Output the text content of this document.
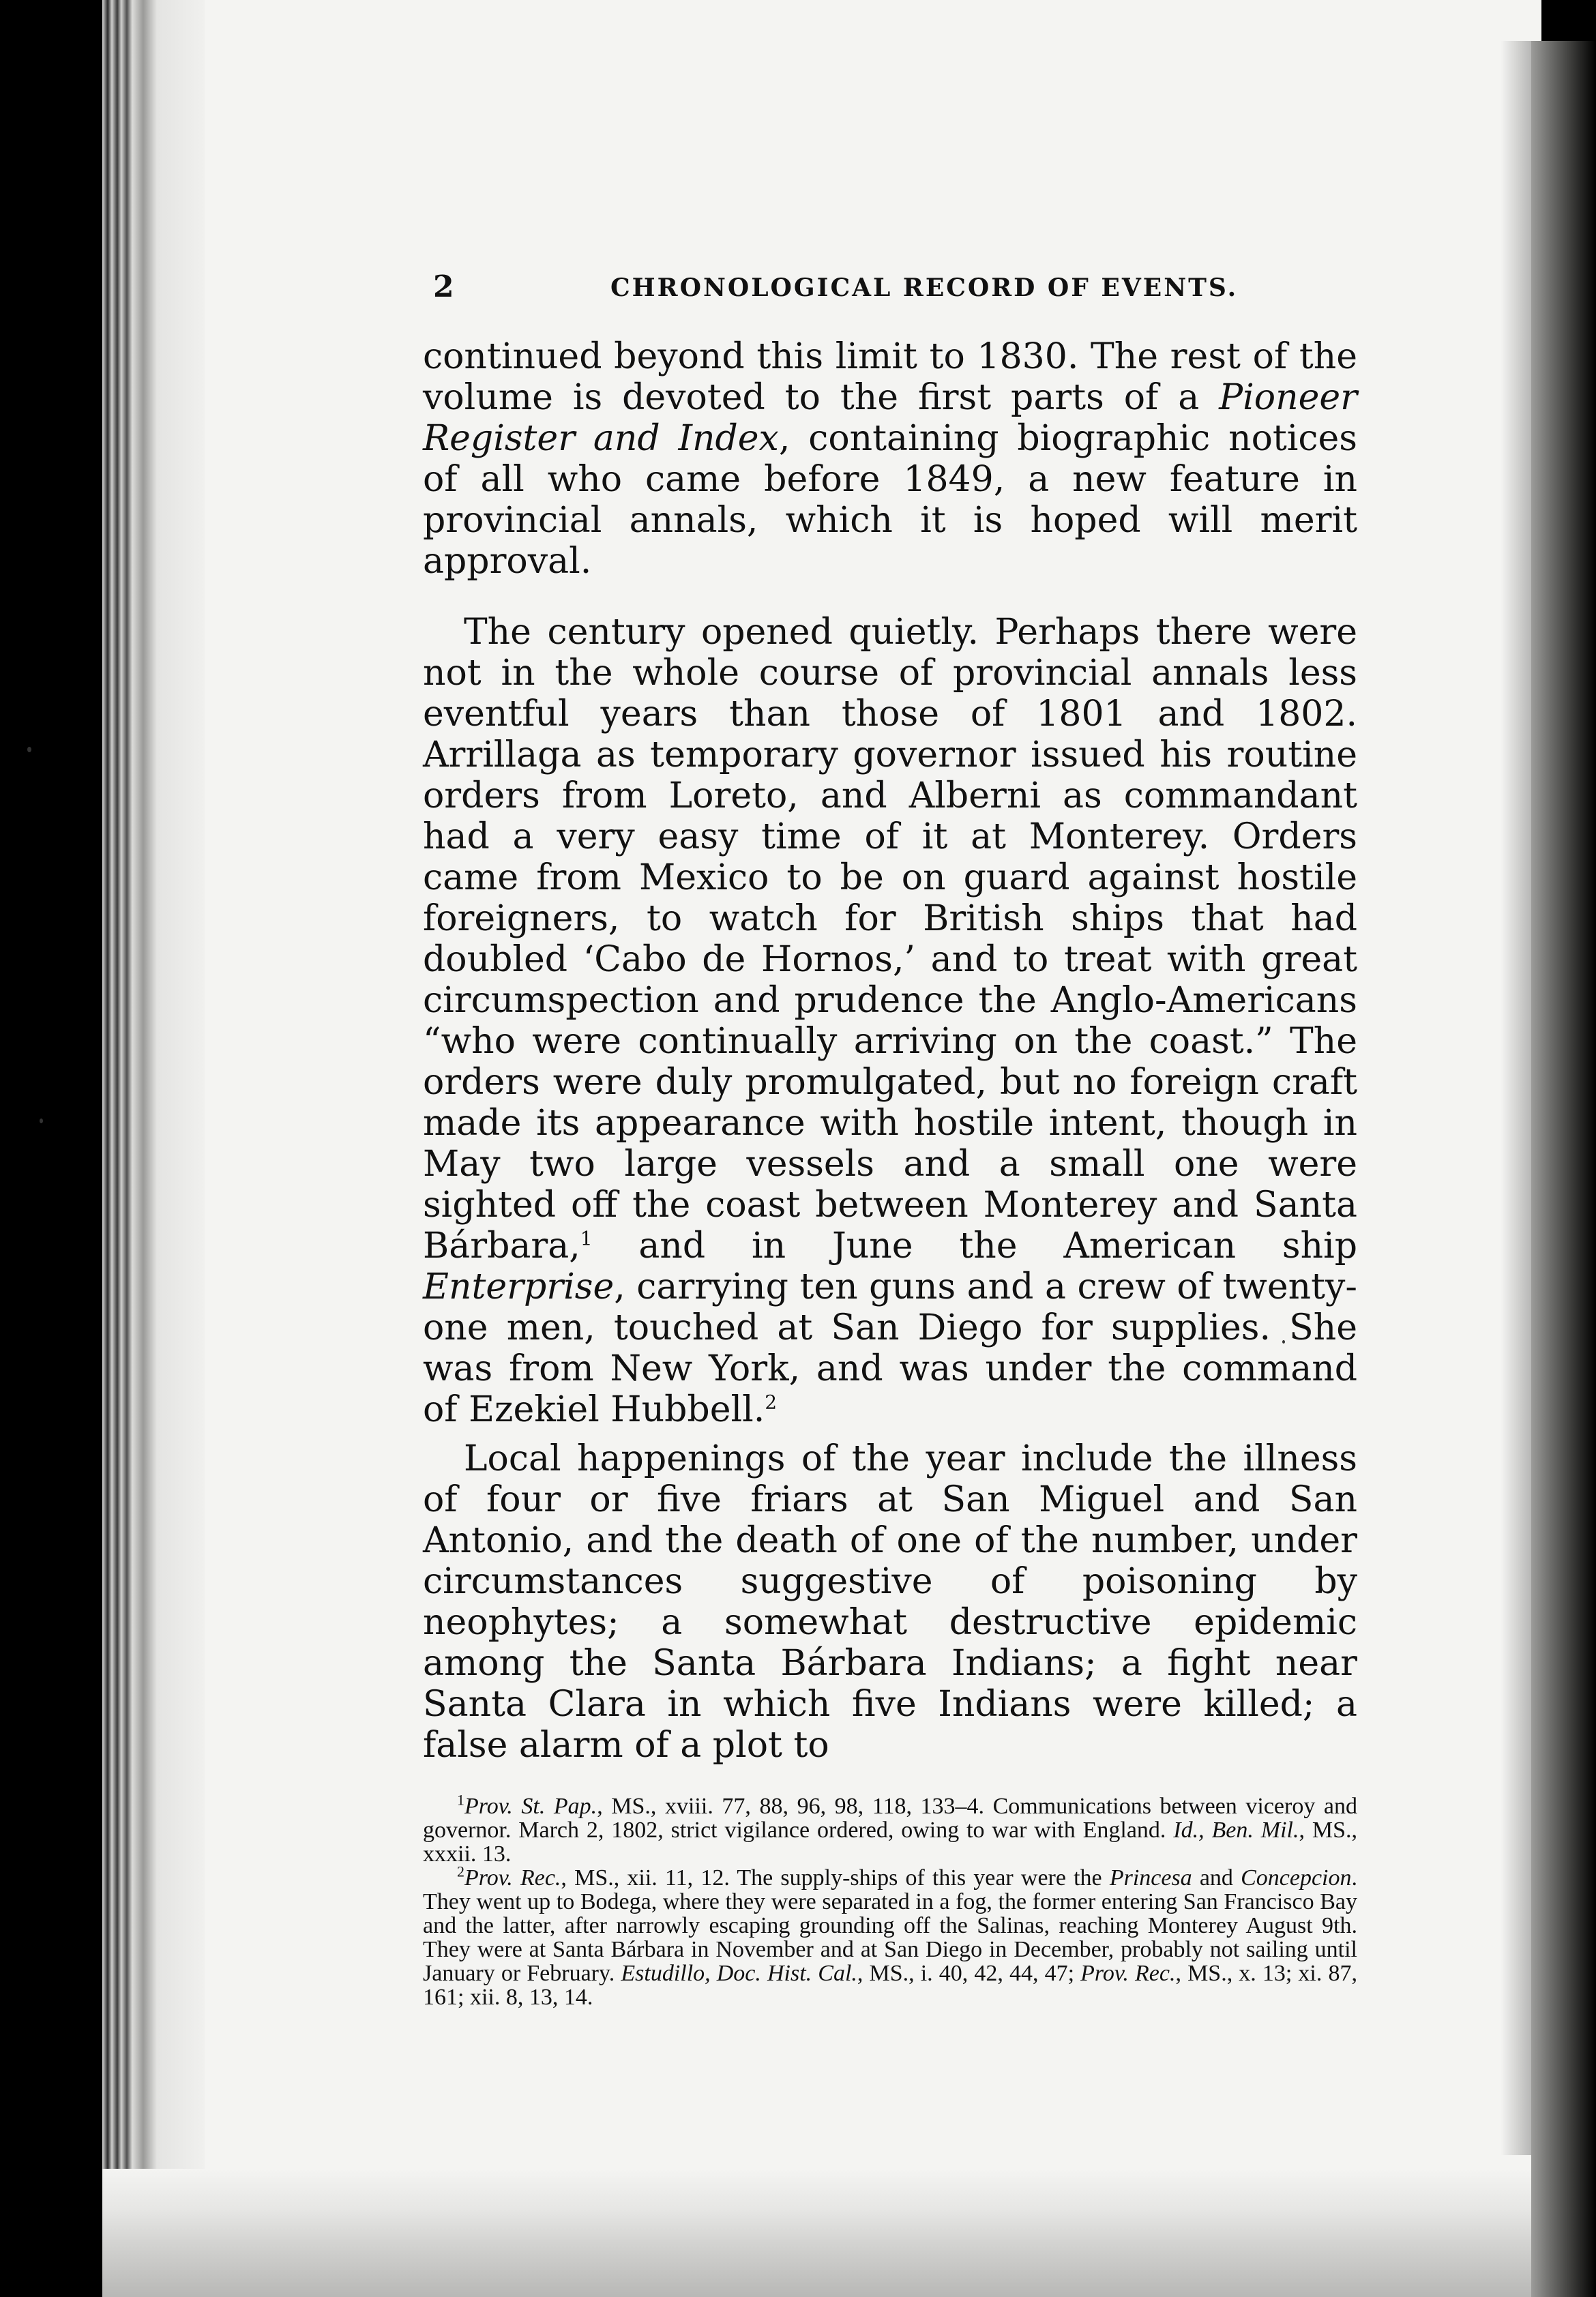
2	CHRONOLOGICAL RECORD OF EVENTS.

continued beyond this limit to 1830. The rest of the volume is devoted to the first parts of a Pioneer Register and Index, containing biographic notices of all who came before 1849, a new feature in provincial annals, which it is hoped will merit approval.

The century opened quietly. Perhaps there were not in the whole course of provincial annals less eventful years than those of 1801 and 1802. Arrillaga as temporary governor issued his routine orders from Loreto, and Alberni as commandant had a very easy time of it at Monterey. Orders came from Mexico to be on guard against hostile foreigners, to watch for British ships that had doubled ‘Cabo de Hornos,’ and to treat with great circumspection and prudence the Anglo-Americans “who were continually arriving on the coast.” The orders were duly promulgated, but no foreign craft made its appearance with hostile intent, though in May two large vessels and a small one were sighted off the coast between Monterey and Santa Bárbara,$^1$ and in June the American ship Enterprise, carrying ten guns and a crew of twenty-one men, touched at San Diego for supplies. She was from New York, and was under the command of Ezekiel Hubbell.$^2$

Local happenings of the year include the illness of four or five friars at San Miguel and San Antonio, and the death of one of the number, under circumstances suggestive of poisoning by neophytes; a somewhat destructive epidemic among the Santa Bárbara Indians; a fight near Santa Clara in which five Indians were killed; a false alarm of a plot to

$^1$Prov. St. Pap., MS., xviii. 77, 88, 96, 98, 118, 133–4. Communications between viceroy and governor. March 2, 1802, strict vigilance ordered, owing to war with England. Id., Ben. Mil., MS., xxxii. 13.

$^2$Prov. Rec., MS., xii. 11, 12. The supply-ships of this year were the Princesa and Concepcion. They went up to Bodega, where they were separated in a fog, the former entering San Francisco Bay and the latter, after narrowly escaping grounding off the Salinas, reaching Monterey August 9th. They were at Santa Bárbara in November and at San Diego in December, probably not sailing until January or February. Estudillo, Doc. Hist. Cal., MS., i. 40, 42, 44, 47; Prov. Rec., MS., x. 13; xi. 87, 161; xii. 8, 13, 14.
